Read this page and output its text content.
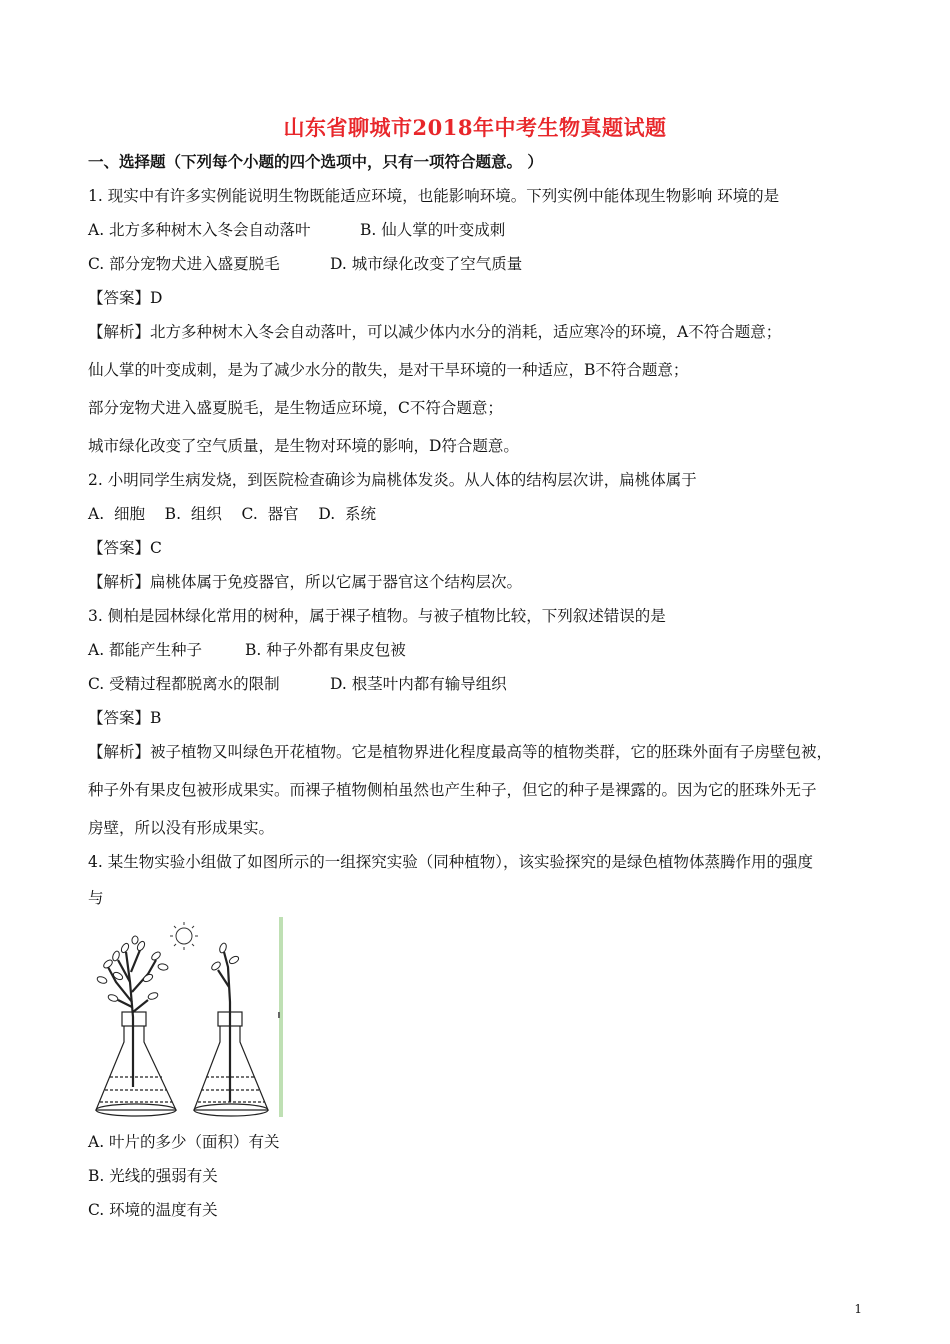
山东省聊城市2018年中考生物真题试题
一、选择题（下列每个小题的四个选项中，只有一项符合题意。 ）
1. 现实中有许多实例能说明生物既能适应环境，也能影响环境。下列实例中能体现生物影响 环境的是
A. 北方多种树木入冬会自动落叶	B. 仙人掌的叶变成刺
C. 部分宠物犬进入盛夏脱毛	D. 城市绿化改变了空气质量
【答案】D
【解析】北方多种树木入冬会自动落叶，可以减少体内水分的消耗，适应寒冷的环境，A不符合题意；
仙人掌的叶变成刺，是为了减少水分的散失，是对干旱环境的一种适应，B不符合题意；
部分宠物犬进入盛夏脱毛，是生物适应环境，C不符合题意；
城市绿化改变了空气质量，是生物对环境的影响，D符合题意。
2. 小明同学生病发烧，到医院检查确诊为扁桃体发炎。从人体的结构层次讲，扁桃体属于
A.  细胞    B.  组织    C.  器官    D.  系统
【答案】C
【解析】扁桃体属于免疫器官，所以它属于器官这个结构层次。
3. 侧柏是园林绿化常用的树种，属于裸子植物。与被子植物比较，下列叙述错误的是
A. 都能产生种子	B. 种子外都有果皮包被
C. 受精过程都脱离水的限制	D. 根茎叶内都有输导组织
【答案】B
【解析】被子植物又叫绿色开花植物。它是植物界进化程度最高等的植物类群，它的胚珠外面有子房壁包被，
种子外有果皮包被形成果实。而裸子植物侧柏虽然也产生种子，但它的种子是裸露的。因为它的胚珠外无子
房壁，所以没有形成果实。
4. 某生物实验小组做了如图所示的一组探究实验（同种植物），该实验探究的是绿色植物体蒸腾作用的强度
与
A. 叶片的多少（面积）有关
B. 光线的强弱有关
C. 环境的温度有关
1
